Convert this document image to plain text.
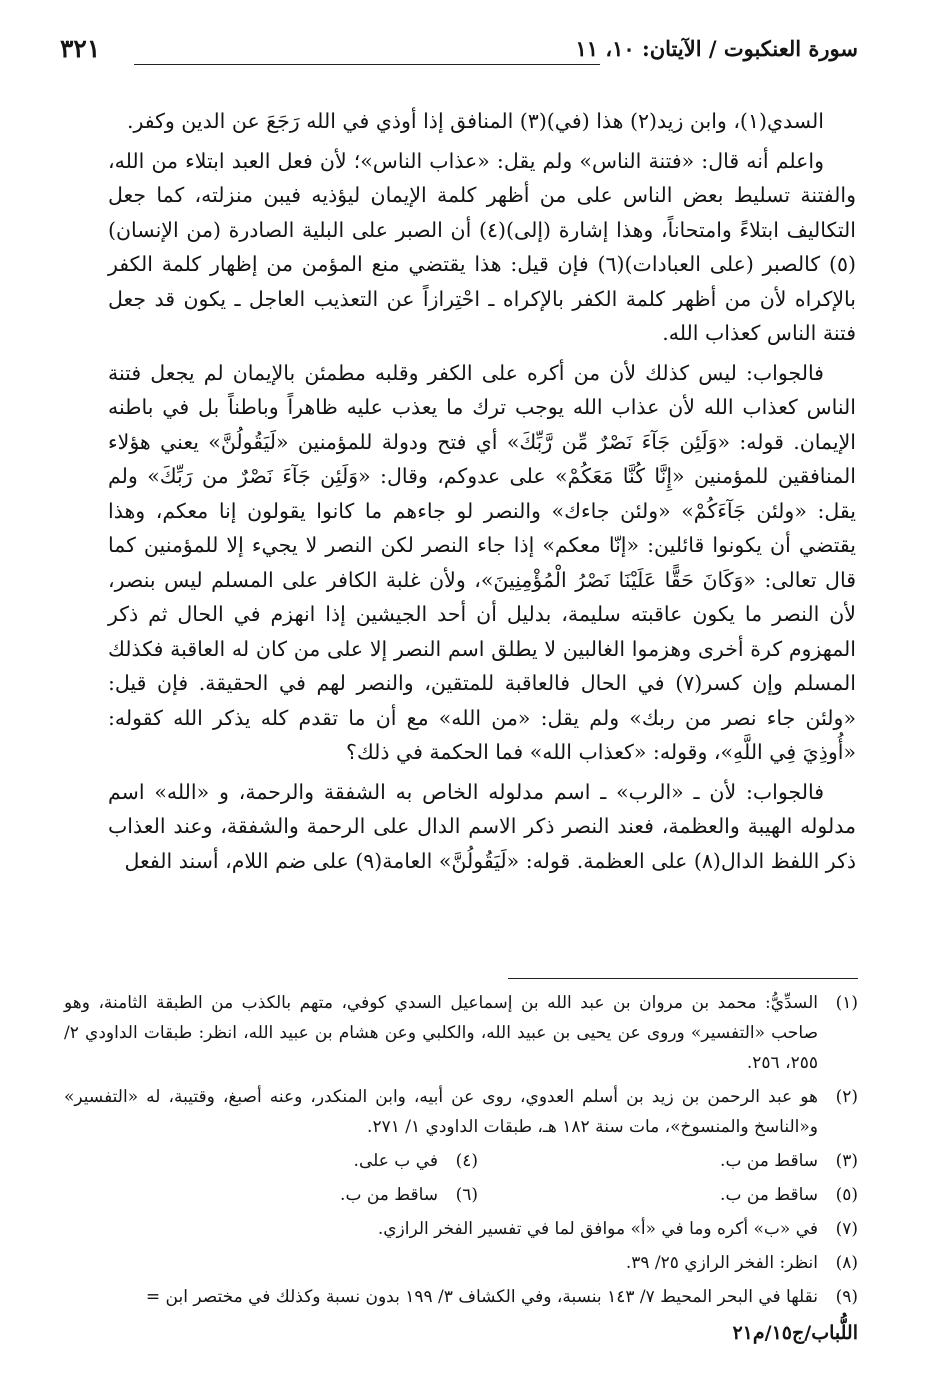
سورة العنكبوت / الآيتان: ١٠، ١١
٣٢١

السدي(١)، وابن زيد(٢) هذا (في)(٣) المنافق إذا أوذي في الله رَجَعَ عن الدين وكفر.

واعلم أنه قال: «فتنة الناس» ولم يقل: «عذاب الناس»؛ لأن فعل العبد ابتلاء من الله، والفتنة تسليط بعض الناس على من أظهر كلمة الإيمان ليؤذيه فيبن منزلته، كما جعل التكاليف ابتلاءً وامتحاناً، وهذا إشارة (إلى)(٤) أن الصبر على البلية الصادرة (من الإنسان)(٥) كالصبر (على العبادات)(٦) فإن قيل: هذا يقتضي منع المؤمن من إظهار كلمة الكفر بالإكراه لأن من أظهر كلمة الكفر بالإكراه ـ احْتِرازاً عن التعذيب العاجل ـ يكون قد جعل فتنة الناس كعذاب الله.

فالجواب: ليس كذلك لأن من أكره على الكفر وقلبه مطمئن بالإيمان لم يجعل فتنة الناس كعذاب الله لأن عذاب الله يوجب ترك ما يعذب عليه ظاهراً وباطناً بل في باطنه الإيمان. قوله: «وَلَئِن جَآءَ نَصْرٌ مِّن رَّبِّكَ» أي فتح ودولة للمؤمنين «لَيَقُولُنَّ» يعني هؤلاء المنافقين للمؤمنين «إِنَّا كُنَّا مَعَكُمْ» على عدوكم، وقال: «وَلَئِن جَآءَ نَصْرٌ من رَبِّكَ» ولم يقل: «ولئن جَآءَكُمْ» «ولئن جاءك» والنصر لو جاءهم ما كانوا يقولون إنا معكم، وهذا يقتضي أن يكونوا قائلين: «إنّا معكم» إذا جاء النصر لكن النصر لا يجيء إلا للمؤمنين كما قال تعالى: «وَكَانَ حَقًّا عَلَيْنَا نَصْرُ الْمُؤْمِنِينَ»، ولأن غلبة الكافر على المسلم ليس بنصر، لأن النصر ما يكون عاقبته سليمة، بدليل أن أحد الجيشين إذا انهزم في الحال ثم ذكر المهزوم كرة أخرى وهزموا الغالبين لا يطلق اسم النصر إلا على من كان له العاقبة فكذلك المسلم وإن كسر(٧) في الحال فالعاقبة للمتقين، والنصر لهم في الحقيقة. فإن قيل: «ولئن جاء نصر من ربك» ولم يقل: «من الله» مع أن ما تقدم كله يذكر الله كقوله: «أُوذِيَ فِي اللَّهِ»، وقوله: «كعذاب الله» فما الحكمة في ذلك؟

فالجواب: لأن ـ «الرب» ـ اسم مدلوله الخاص به الشفقة والرحمة، و «الله» اسم مدلوله الهيبة والعظمة، فعند النصر ذكر الاسم الدال على الرحمة والشفقة، وعند العذاب ذكر اللفظ الدال(٨) على العظمة. قوله: «لَيَقُولُنَّ» العامة(٩) على ضم اللام، أسند الفعل

(١)
السدِّيُّ: محمد بن مروان بن عبد الله بن إسماعيل السدي كوفي، متهم بالكذب من الطبقة الثامنة، وهو صاحب «التفسير» وروى عن يحيى بن عبيد الله، والكلبي وعن هشام بن عبيد الله، انظر: طبقات الداودي ٢/ ٢٥٥، ٢٥٦.
(٢)
هو عبد الرحمن بن زيد بن أسلم العدوي، روى عن أبيه، وابن المنكدر، وعنه أصبغ، وقتيبة، له «التفسير» و«الناسخ والمنسوخ»، مات سنة ١٨٢ هـ، طبقات الداودي ١/ ٢٧١.
(٣)
ساقط من ب.
(٤)
في ب على.
(٥)
ساقط من ب.
(٦)
ساقط من ب.
(٧)
في «ب» أكره وما في «أ» موافق لما في تفسير الفخر الرازي.
(٨)
انظر: الفخر الرازي ٢٥/ ٣٩.
(٩)
نقلها في البحر المحيط ٧/ ١٤٣ بنسبة، وفي الكشاف ٣/ ١٩٩ بدون نسبة وكذلك في مختصر ابن =
اللُّباب/ج١٥/م٢١
